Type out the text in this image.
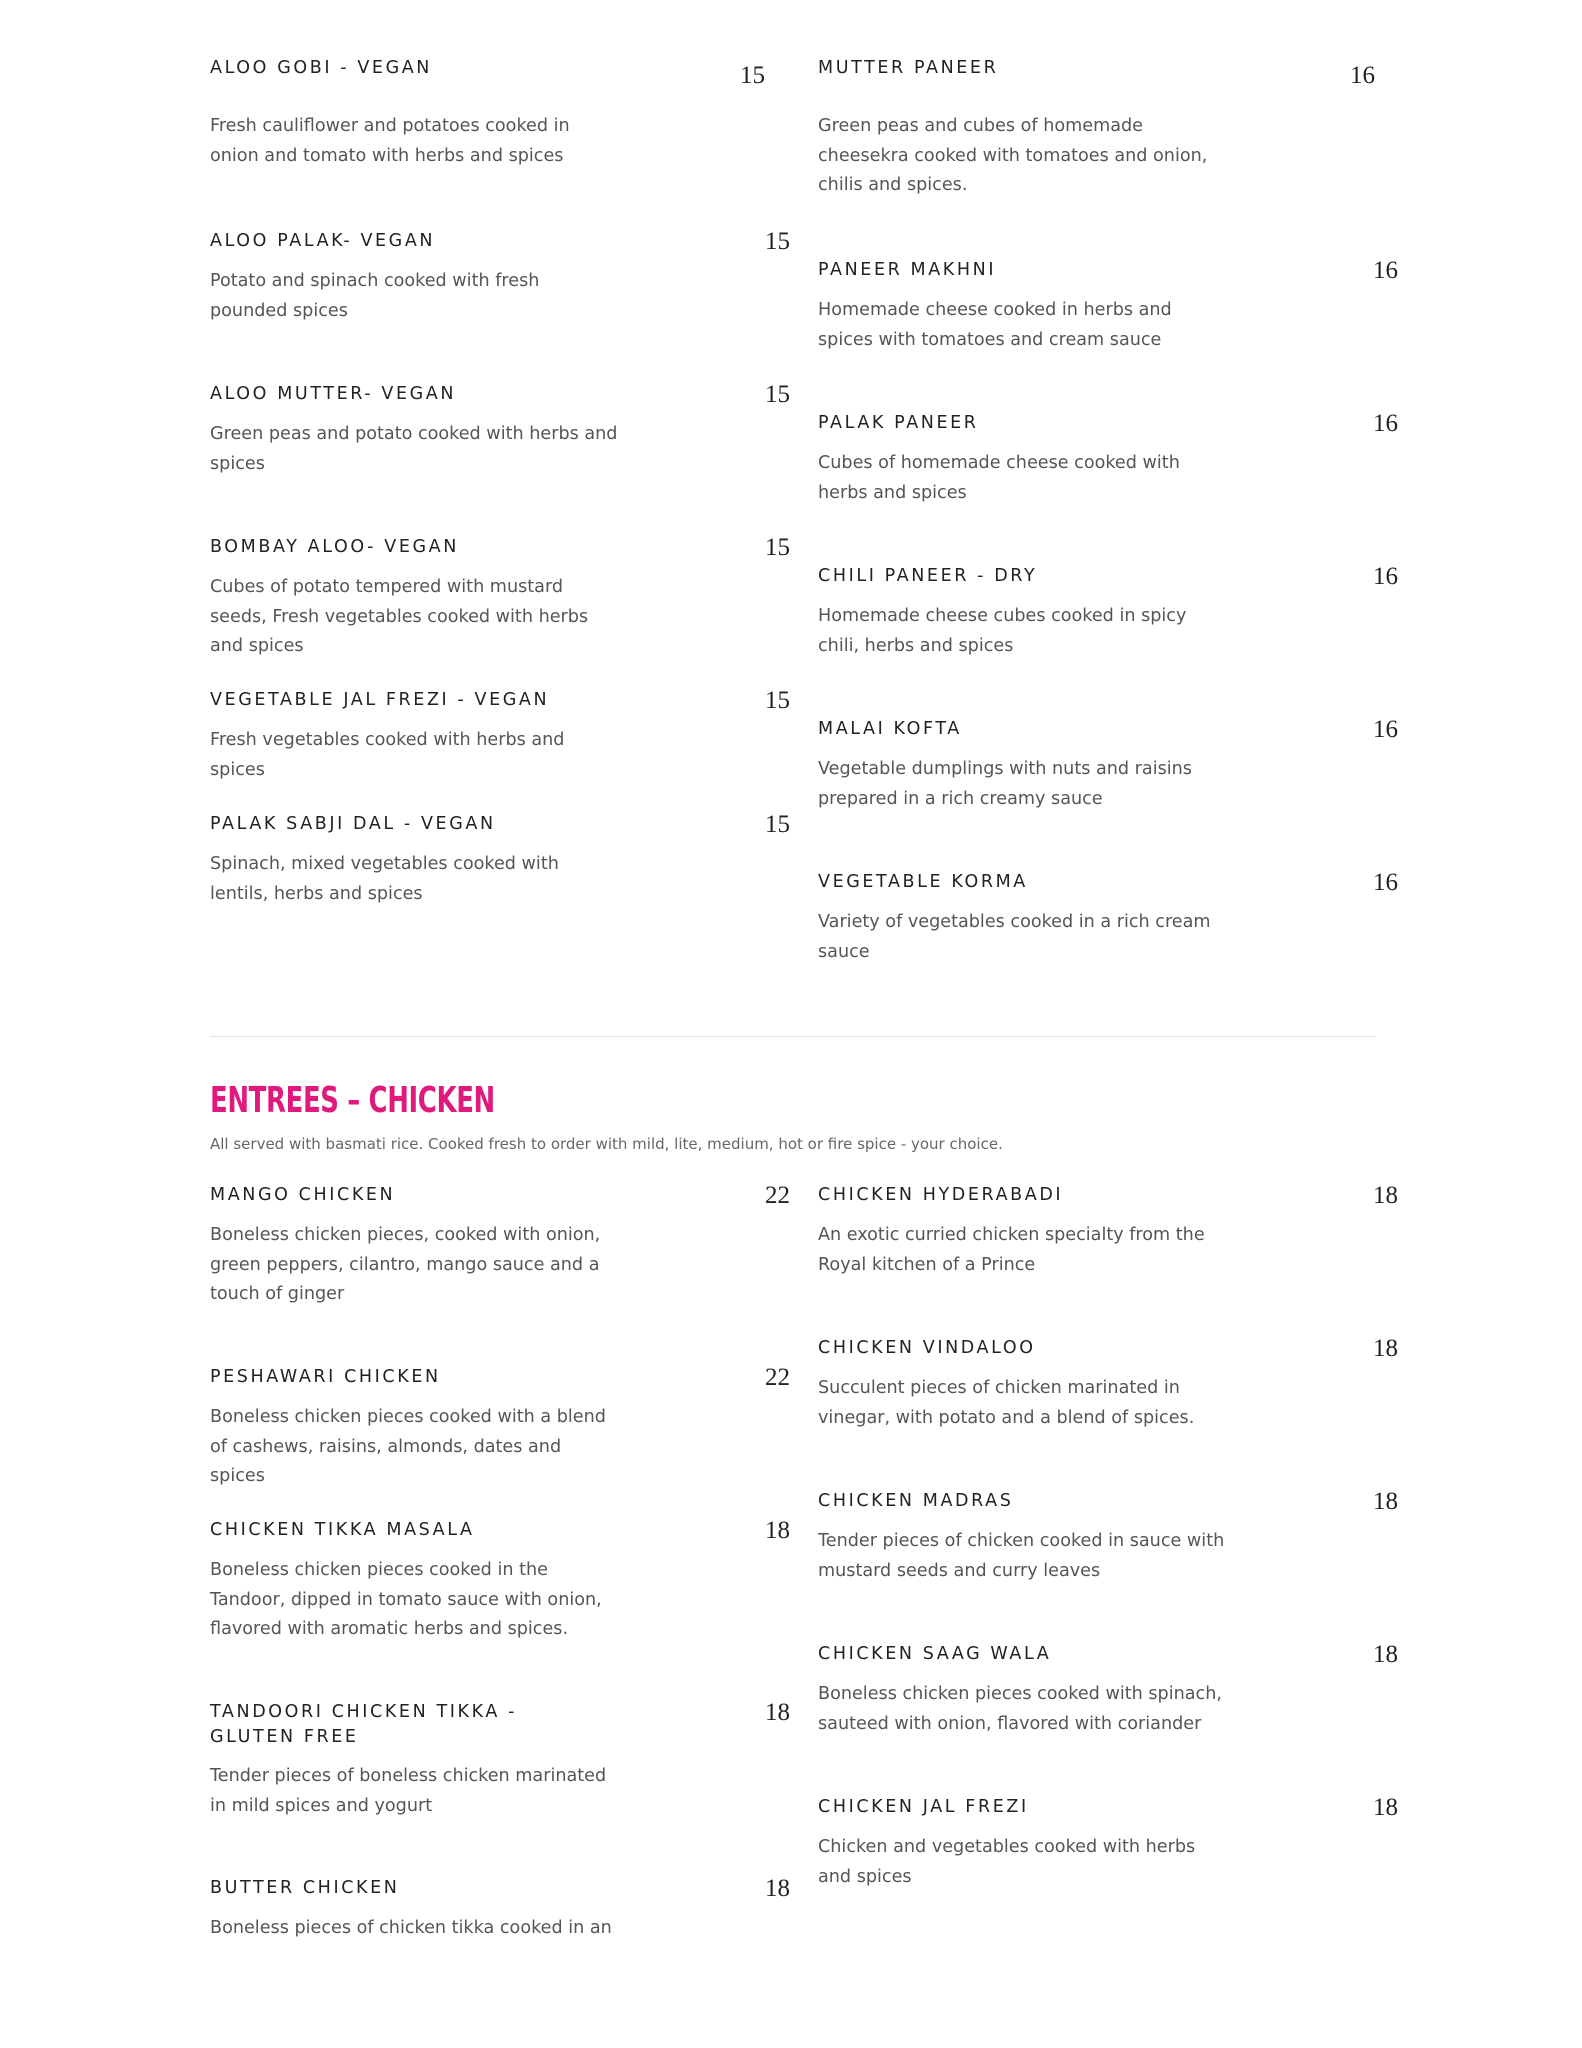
ALOO GOBI - VEGAN	15	MUTTER PANEER	16
Fresh cauliflower and potatoes cooked in onion and tomato with herbs and spices
ALOO PALAK- VEGAN	15
Potato and spinach cooked with fresh pounded spices
ALOO MUTTER- VEGAN	15
Green peas and potato cooked with herbs and spices
BOMBAY ALOO- VEGAN	15
Cubes of potato tempered with mustard seeds, Fresh vegetables cooked with herbs and spices
VEGETABLE JAL FREZI - VEGAN	15
Fresh vegetables cooked with herbs and spices
PALAK SABJI DAL - VEGAN	15
Spinach, mixed vegetables cooked with lentils, herbs and spices
Green peas and cubes of homemade cheesekra cooked with tomatoes and onion, chilis and spices.
PANEER MAKHNI	16
Homemade cheese cooked in herbs and spices with tomatoes and cream sauce
PALAK PANEER	16
Cubes of homemade cheese cooked with herbs and spices
CHILI PANEER - DRY	16
Homemade cheese cubes cooked in spicy chili, herbs and spices
MALAI KOFTA	16
Vegetable dumplings with nuts and raisins prepared in a rich creamy sauce
VEGETABLE KORMA	16
Variety of vegetables cooked in a rich cream sauce
ENTREES – CHICKEN
All served with basmati rice. Cooked fresh to order with mild, lite, medium, hot or fire spice - your choice.
MANGO CHICKEN	22
Boneless chicken pieces, cooked with onion, green peppers, cilantro, mango sauce and a touch of ginger
PESHAWARI CHICKEN	22
Boneless chicken pieces cooked with a blend of cashews, raisins, almonds, dates and spices
CHICKEN TIKKA MASALA	18
Boneless chicken pieces cooked in the Tandoor, dipped in tomato sauce with onion, flavored with aromatic herbs and spices.
TANDOORI CHICKEN TIKKA - GLUTEN FREE
18
Tender pieces of boneless chicken marinated in mild spices and yogurt
BUTTER CHICKEN	18
Boneless pieces of chicken tikka cooked in an
CHICKEN HYDERABADI	18
An exotic curried chicken specialty from the Royal kitchen of a Prince
CHICKEN VINDALOO	18
Succulent pieces of chicken marinated in vinegar, with potato and a blend of spices.
CHICKEN MADRAS	18
Tender pieces of chicken cooked in sauce with mustard seeds and curry leaves
CHICKEN SAAG WALA	18
Boneless chicken pieces cooked with spinach, sauteed with onion, flavored with coriander
CHICKEN JAL FREZI	18
Chicken and vegetables cooked with herbs and spices
